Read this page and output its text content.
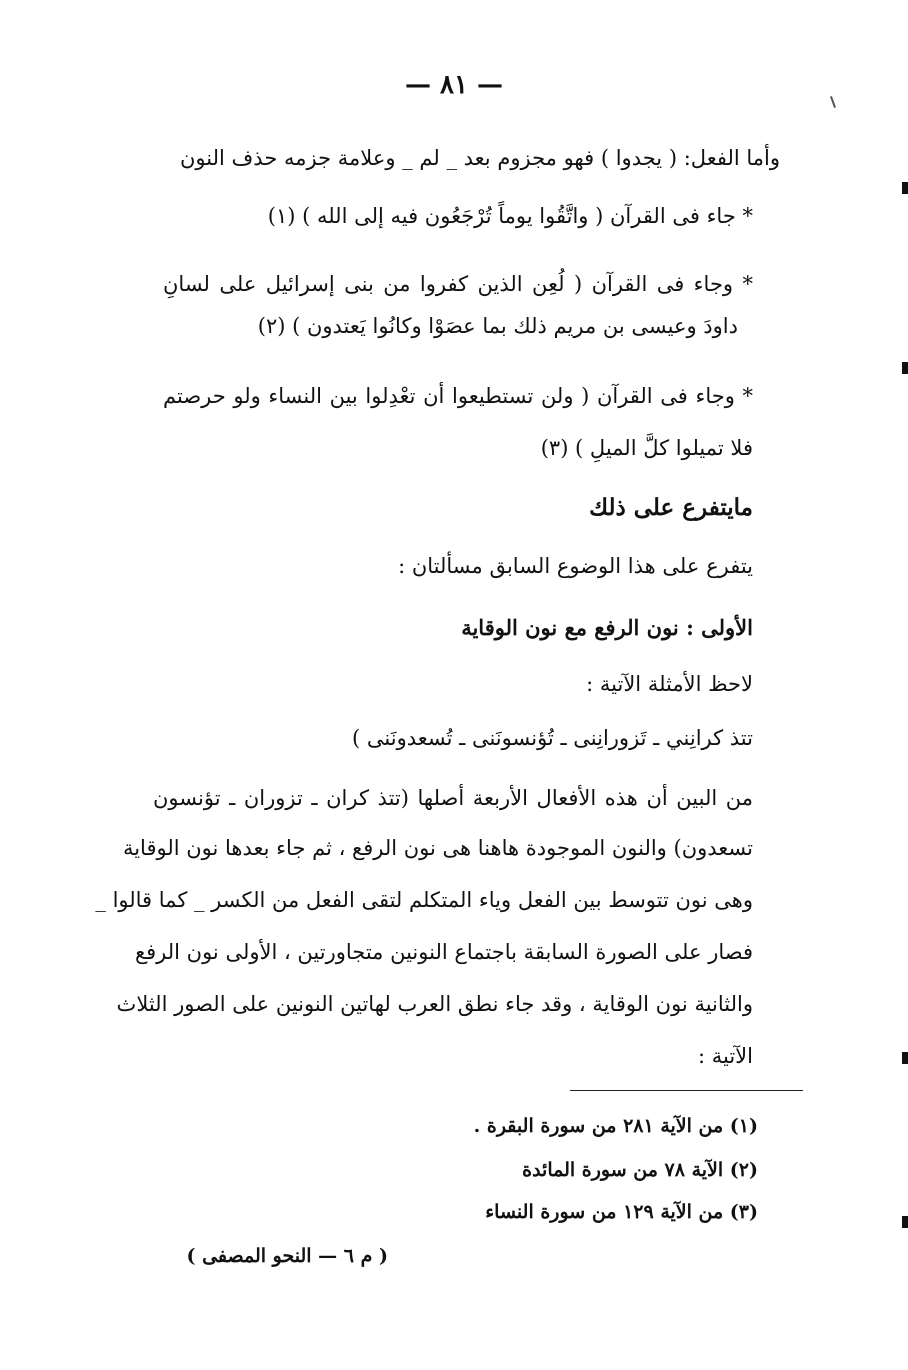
— ٨١ —
وأما الفعل: ( يجدوا ) فهو مجزوم بعد _ لم _ وعلامة جزمه حذف النون
* جاء فى القرآن ( واتَّقُوا يوماً تُرْجَعُون فيه إلى الله ) (١)
* وجاء فى القرآن ( لُعِن الذين كفروا من بنى إسرائيل على لسانِ
داودَ وعيسى بن مريم ذلك بما عصَوْا وكانُوا يَعتدون ) (٢)
* وجاء فى القرآن ( ولن تستطيعوا أن تعْدِلوا بين النساء ولو حرصتم
فلا تميلوا كلَّ الميلِ ) (٣)
مايتفرع على ذلك
يتفرع على هذا الوضوع السابق مسألتان :
الأولى : نون الرفع مع نون الوقاية
لاحظ الأمثلة الآتية :
تتذ كرانِني ـ تَزورانِنى ـ تُؤنسونَنى ـ تُسعدونَنى )
من البين أن هذه الأفعال الأربعة أصلها (تتذ كران ـ تزوران ـ تؤنسون
تسعدون) والنون الموجودة هاهنا هى نون الرفع ، ثم جاء بعدها نون الوقاية
وهى نون تتوسط بين الفعل وياء المتكلم لتقى الفعل من الكسر _ كما قالوا _
فصار على الصورة السابقة باجتماع النونين متجاورتين ، الأولى نون الرفع
والثانية نون الوقاية ، وقد جاء نطق العرب لهاتين النونين على الصور الثلاث
الآتية :
(١) من الآية ٢٨١ من سورة البقرة .
(٢) الآية ٧٨ من سورة المائدة
(٣) من الآية ١٢٩ من سورة النساء
( م ٦ — النحو المصفى )
